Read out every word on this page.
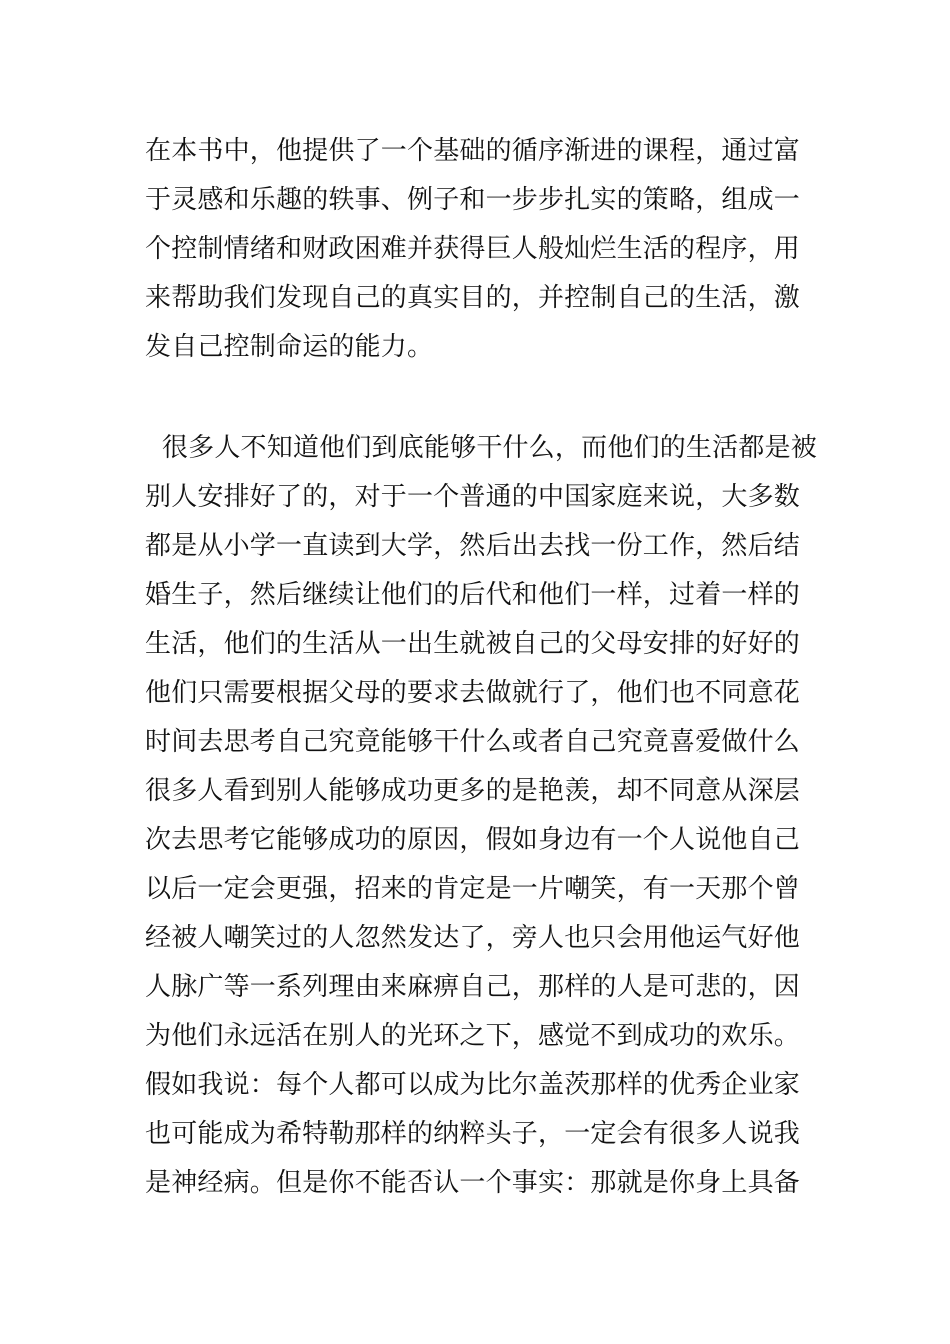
在本书中，他提供了一个基础的循序渐进的课程，通过富
于灵感和乐趣的轶事、例子和一步步扎实的策略，组成一
个控制情绪和财政困难并获得巨人般灿烂生活的程序，用
来帮助我们发现自己的真实目的，并控制自己的生活，激
发自己控制命运的能力。
很多人不知道他们到底能够干什么，而他们的生活都是被
别人安排好了的，对于一个普通的中国家庭来说，大多数
都是从小学一直读到大学，然后出去找一份工作，然后结
婚生子，然后继续让他们的后代和他们一样，过着一样的
生活，他们的生活从一出生就被自己的父母安排的好好的
他们只需要根据父母的要求去做就行了，他们也不同意花
时间去思考自己究竟能够干什么或者自己究竟喜爱做什么
很多人看到别人能够成功更多的是艳羡，却不同意从深层
次去思考它能够成功的原因，假如身边有一个人说他自己
以后一定会更强，招来的肯定是一片嘲笑，有一天那个曾
经被人嘲笑过的人忽然发达了，旁人也只会用他运气好他
人脉广等一系列理由来麻痹自己，那样的人是可悲的，因
为他们永远活在别人的光环之下，感觉不到成功的欢乐。
假如我说：每个人都可以成为比尔盖茨那样的优秀企业家
也可能成为希特勒那样的纳粹头子，一定会有很多人说我
是神经病。但是你不能否认一个事实：那就是你身上具备
